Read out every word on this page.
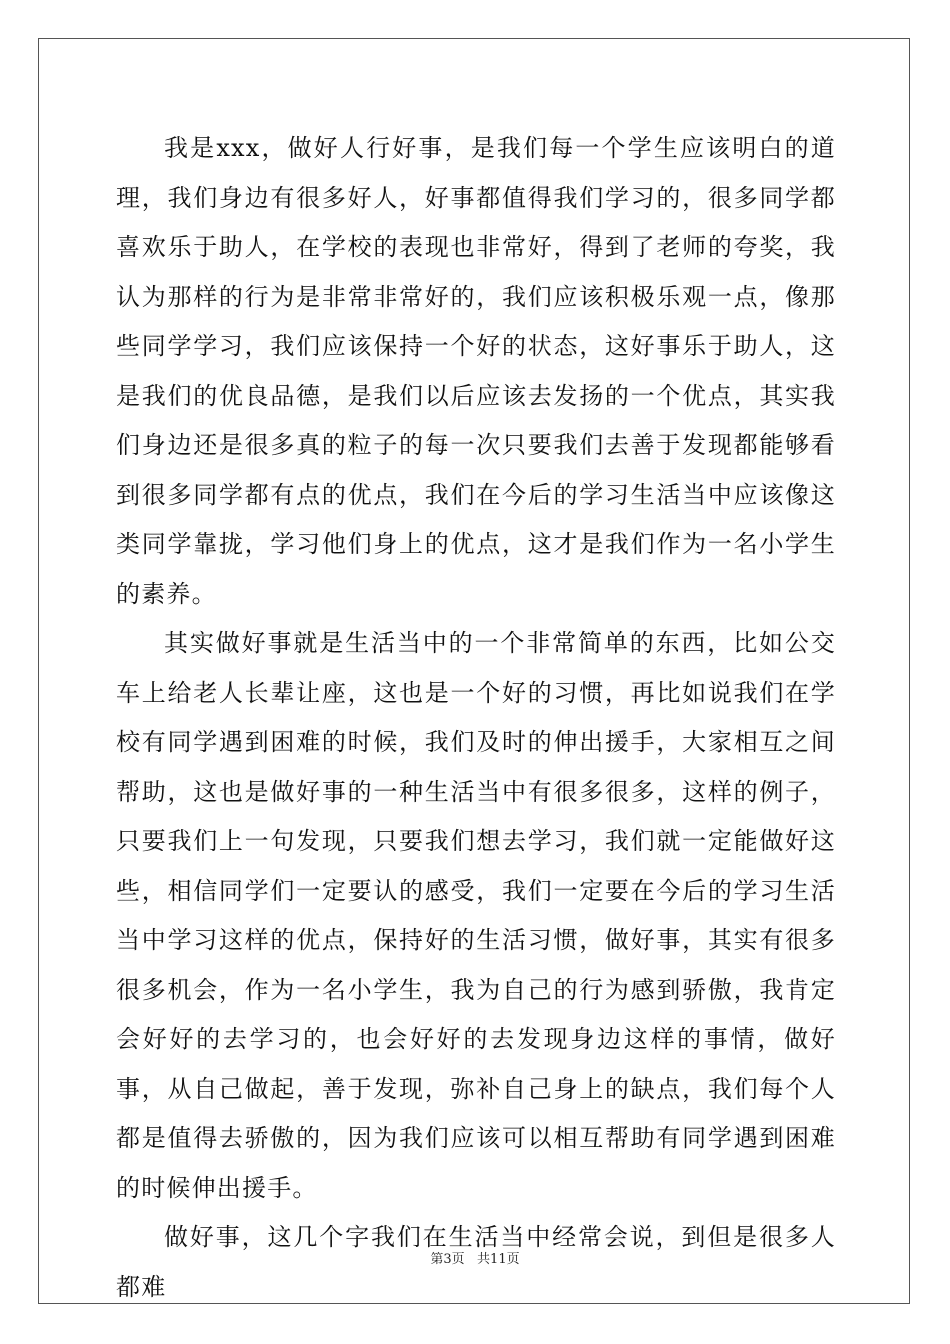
我是xxx，做好人行好事，是我们每一个学生应该明白的道理，我们身边有很多好人，好事都值得我们学习的，很多同学都喜欢乐于助人，在学校的表现也非常好，得到了老师的夸奖，我认为那样的行为是非常非常好的，我们应该积极乐观一点，像那些同学学习，我们应该保持一个好的状态，这好事乐于助人，这是我们的优良品德，是我们以后应该去发扬的一个优点，其实我们身边还是很多真的粒子的每一次只要我们去善于发现都能够看到很多同学都有点的优点，我们在今后的学习生活当中应该像这类同学靠拢，学习他们身上的优点，这才是我们作为一名小学生的素养。

其实做好事就是生活当中的一个非常简单的东西，比如公交车上给老人长辈让座，这也是一个好的习惯，再比如说我们在学校有同学遇到困难的时候，我们及时的伸出援手，大家相互之间帮助，这也是做好事的一种生活当中有很多很多，这样的例子，只要我们上一句发现，只要我们想去学习，我们就一定能做好这些，相信同学们一定要认的感受，我们一定要在今后的学习生活当中学习这样的优点，保持好的生活习惯，做好事，其实有很多很多机会，作为一名小学生，我为自己的行为感到骄傲，我肯定会好好的去学习的，也会好好的去发现身边这样的事情，做好事，从自己做起，善于发现，弥补自己身上的缺点，我们每个人都是值得去骄傲的，因为我们应该可以相互帮助有同学遇到困难的时候伸出援手。

做好事，这几个字我们在生活当中经常会说，到但是很多人都难

第3页   共11页
